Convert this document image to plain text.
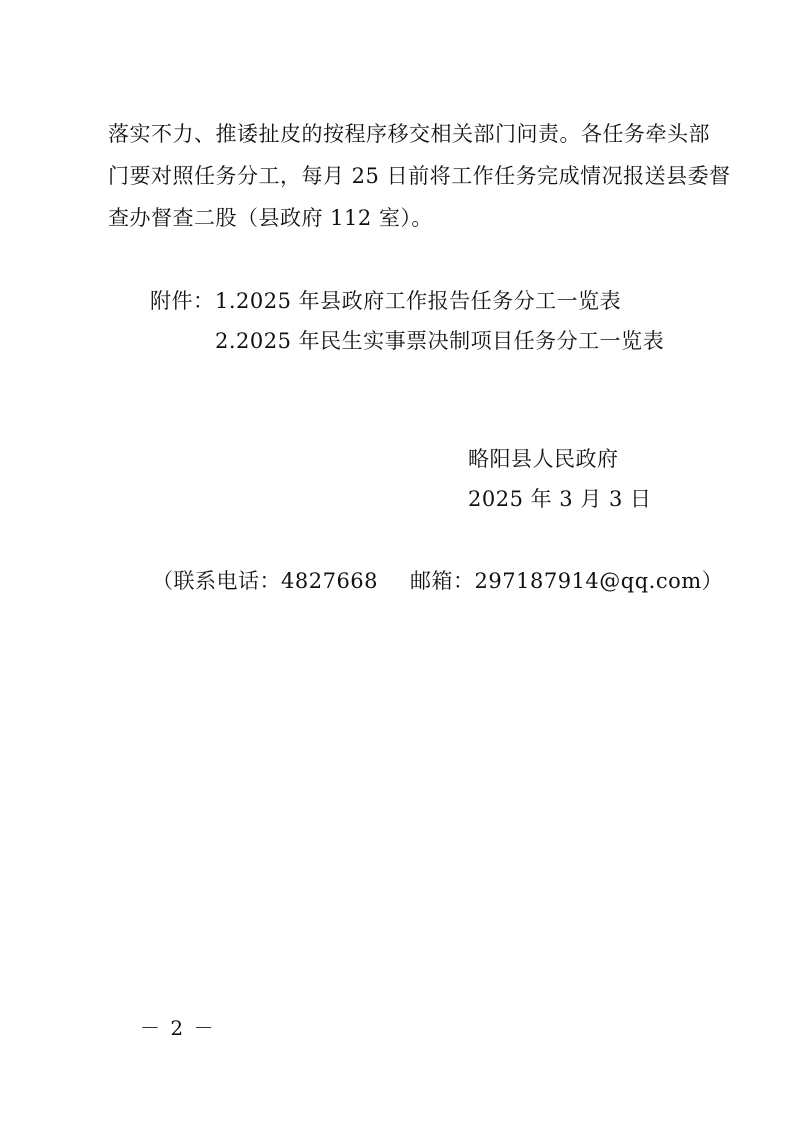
落实不力、推诿扯皮的按程序移交相关部门问责。各任务牵头部
门要对照任务分工，每月 25 日前将工作任务完成情况报送县委督
查办督查二股（县政府 112 室）。
附件： 1.2025 年县政府工作报告任务分工一览表
2.2025 年民生实事票决制项目任务分工一览表
略阳县人民政府
2025 年 3 月 3 日
（联系电话：4827668 邮箱：297187914@qq.com）
－ 2 －
